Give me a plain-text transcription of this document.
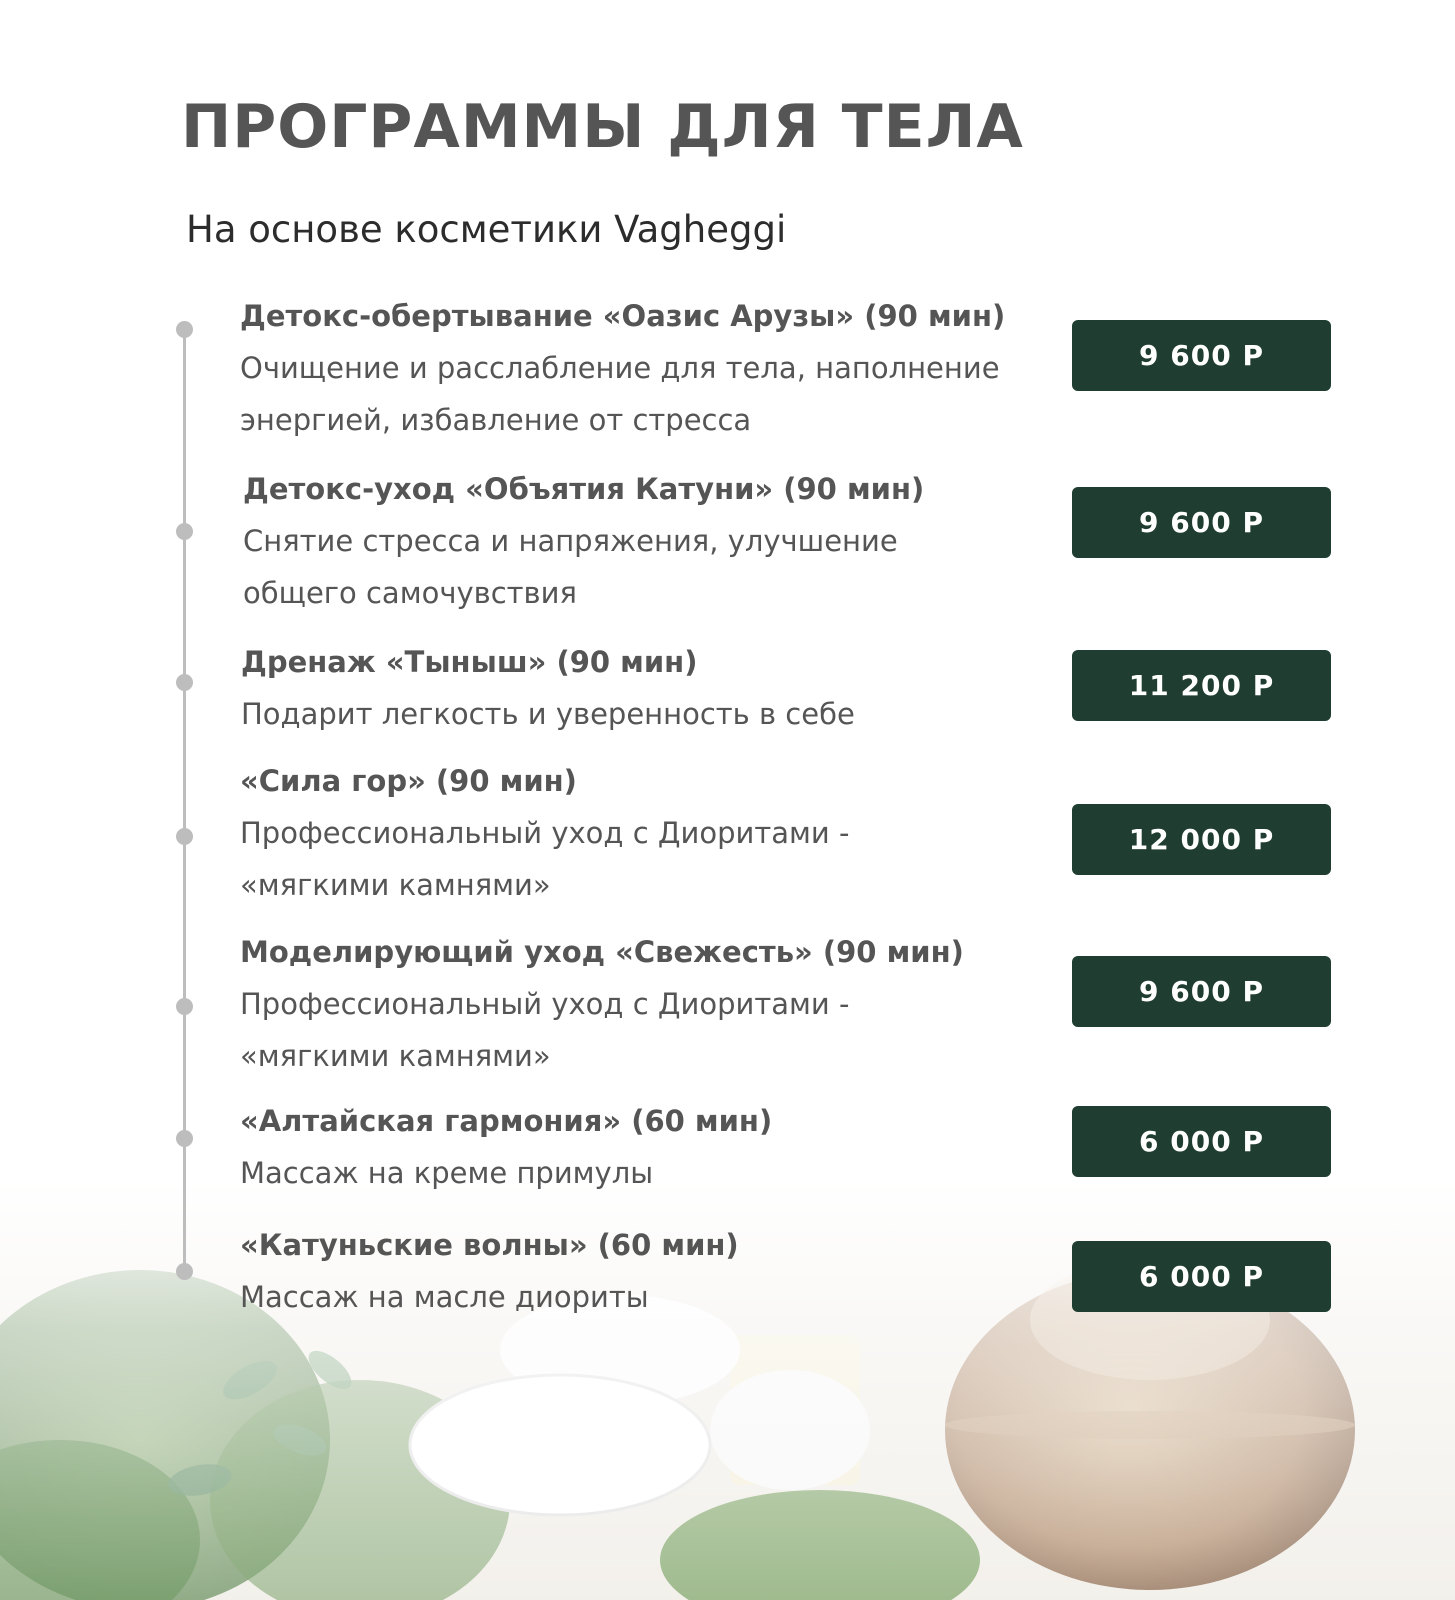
ПРОГРАММЫ ДЛЯ ТЕЛА

На основе косметики Vagheggi

Детокс-обертывание «Оазис Арузы» (90 мин)
Очищение и расслабление для тела, наполнение энергией, избавление от стресса
9 600 Р
Детокс-уход «Объятия Катуни» (90 мин)
Снятие стресса и напряжения, улучшение общего самочувствия
9 600 Р
Дренаж «Тыныш» (90 мин)
Подарит легкость и уверенность в себе
11 200 Р
«Сила гор» (90 мин)
Профессиональный уход с Диоритами - «мягкими камнями»
12 000 Р
Моделирующий уход «Свежесть» (90 мин)
Профессиональный уход с Диоритами - «мягкими камнями»
9 600 Р
«Алтайская гармония» (60 мин)
Массаж на креме примулы
6 000 Р
«Катуньские волны» (60 мин)
Массаж на масле диориты
6 000 Р
